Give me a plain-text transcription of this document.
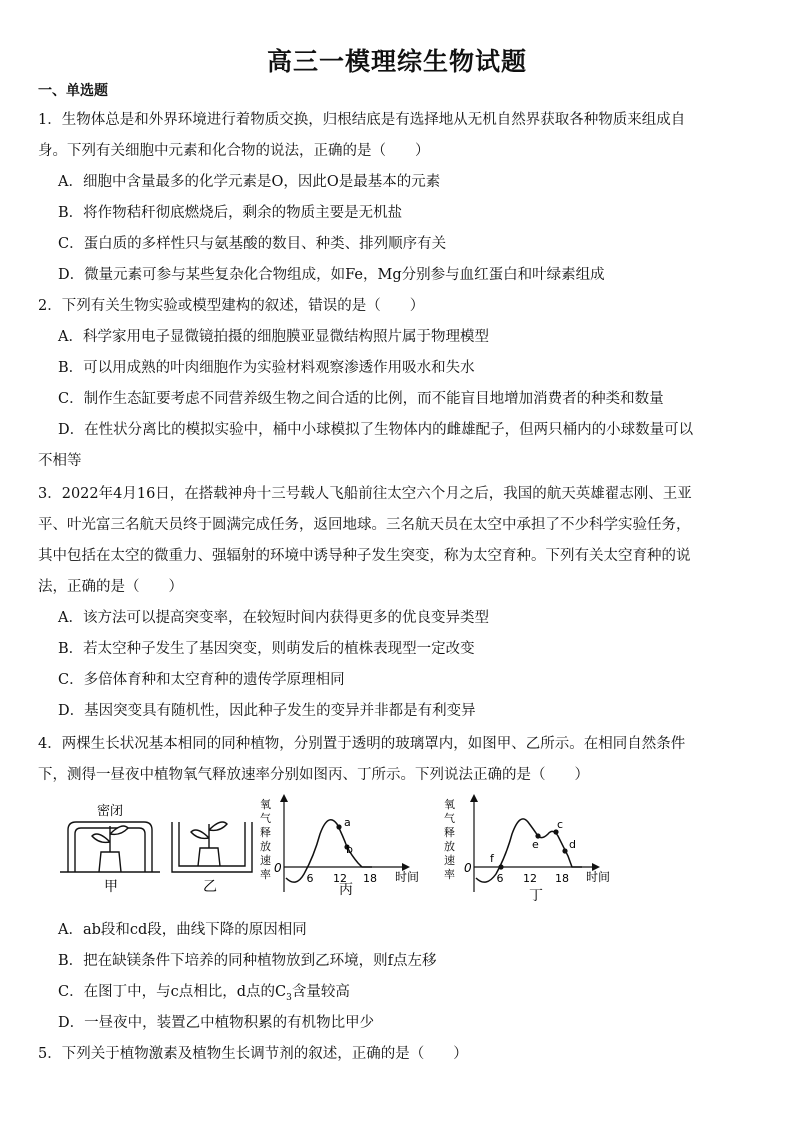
高三一模理综生物试题
一、单选题
1．生物体总是和外界环境进行着物质交换，归根结底是有选择地从无机自然界获取各种物质来组成自
身。下列有关细胞中元素和化合物的说法，正确的是（　　）
A．细胞中含量最多的化学元素是O，因此O是最基本的元素
B．将作物秸秆彻底燃烧后，剩余的物质主要是无机盐
C．蛋白质的多样性只与氨基酸的数目、种类、排列顺序有关
D．微量元素可参与某些复杂化合物组成，如Fe，Mg分别参与血红蛋白和叶绿素组成
2．下列有关生物实验或模型建构的叙述，错误的是（　　）
A．科学家用电子显微镜拍摄的细胞膜亚显微结构照片属于物理模型
B．可以用成熟的叶肉细胞作为实验材料观察渗透作用吸水和失水
C．制作生态缸要考虑不同营养级生物之间合适的比例，而不能盲目地增加消费者的种类和数量
D．在性状分离比的模拟实验中，桶中小球模拟了生物体内的雌雄配子，但两只桶内的小球数量可以
不相等
3．2022年4月16日，在搭载神舟十三号载人飞船前往太空六个月之后，我国的航天英雄翟志刚、王亚
平、叶光富三名航天员终于圆满完成任务，返回地球。三名航天员在太空中承担了不少科学实验任务，
其中包括在太空的微重力、强辐射的环境中诱导种子发生突变，称为太空育种。下列有关太空育种的说
法，正确的是（　　）
A．该方法可以提高突变率，在较短时间内获得更多的优良变异类型
B．若太空种子发生了基因突变，则萌发后的植株表现型一定改变
C．多倍体育种和太空育种的遗传学原理相同
D．基因突变具有随机性，因此种子发生的变异并非都是有利变异
4．两棵生长状况基本相同的同种植物，分别置于透明的玻璃罩内，如图甲、乙所示。在相同自然条件
下，测得一昼夜中植物氧气释放速率分别如图丙、丁所示。下列说法正确的是（　　）
密闭
甲	乙
氧
气
释
放
速
率 0
6 12 18 时间
a
b
丙
氧
气
释
放
速
率 0
6 12 18 时间
e
c
d
f
丁
A．ab段和cd段，曲线下降的原因相同
B．把在缺镁条件下培养的同种植物放到乙环境，则f点左移
C．在图丁中，与c点相比，d点的$C_3$含量较高
D．一昼夜中，装置乙中植物积累的有机物比甲少
5．下列关于植物激素及植物生长调节剂的叙述，正确的是（　　）
